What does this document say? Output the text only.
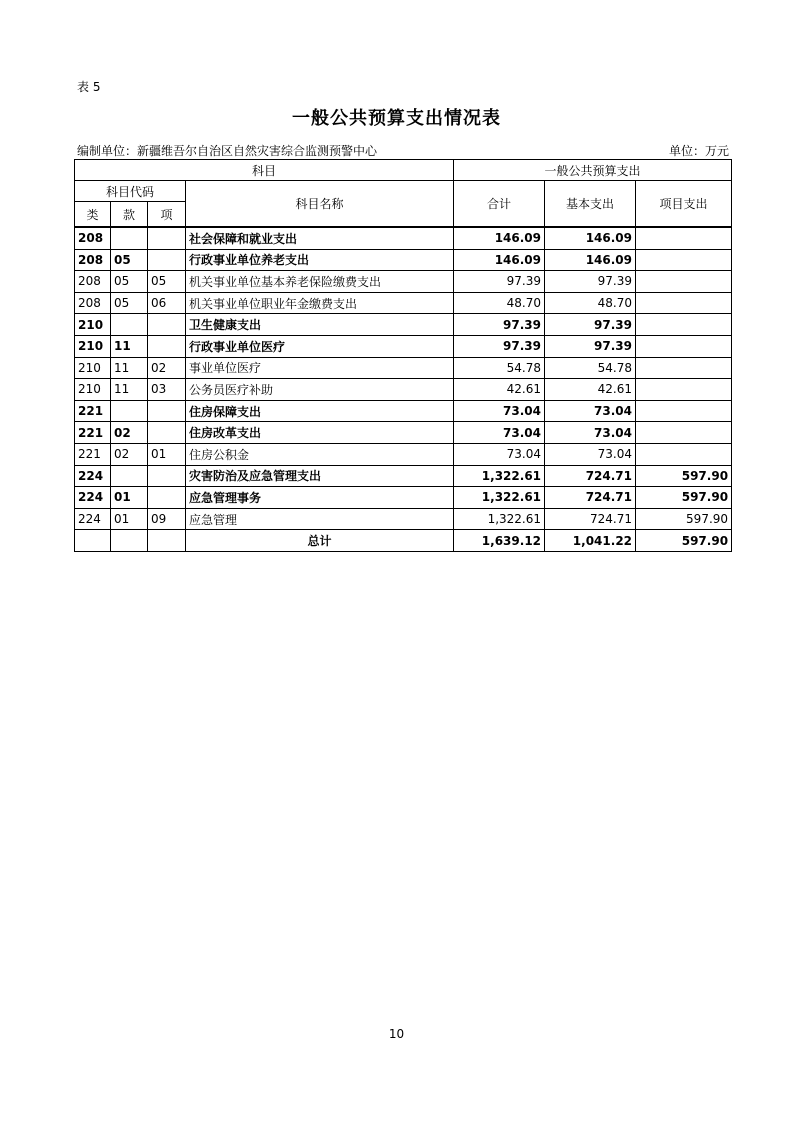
表 5
一般公共预算支出情况表
编制单位：新疆维吾尔自治区自然灾害综合监测预警中心	单位：万元
科目				一般公共预算支出		
科目代码			科目名称	合计	基本支出	项目支出
类	款	项				
208			社会保障和就业支出	146.09	146.09	
208	05		行政事业单位养老支出	146.09	146.09	
208	05	05	机关事业单位基本养老保险缴费支出	97.39	97.39	
208	05	06	机关事业单位职业年金缴费支出	48.70	48.70	
210			卫生健康支出	97.39	97.39	
210	11		行政事业单位医疗	97.39	97.39	
210	11	02	事业单位医疗	54.78	54.78	
210	11	03	公务员医疗补助	42.61	42.61	
221			住房保障支出	73.04	73.04	
221	02		住房改革支出	73.04	73.04	
221	02	01	住房公积金	73.04	73.04	
224			灾害防治及应急管理支出	1,322.61	724.71	597.90
224	01		应急管理事务	1,322.61	724.71	597.90
224	01	09	应急管理	1,322.61	724.71	597.90
			总计	1,639.12	1,041.22	597.90
10
